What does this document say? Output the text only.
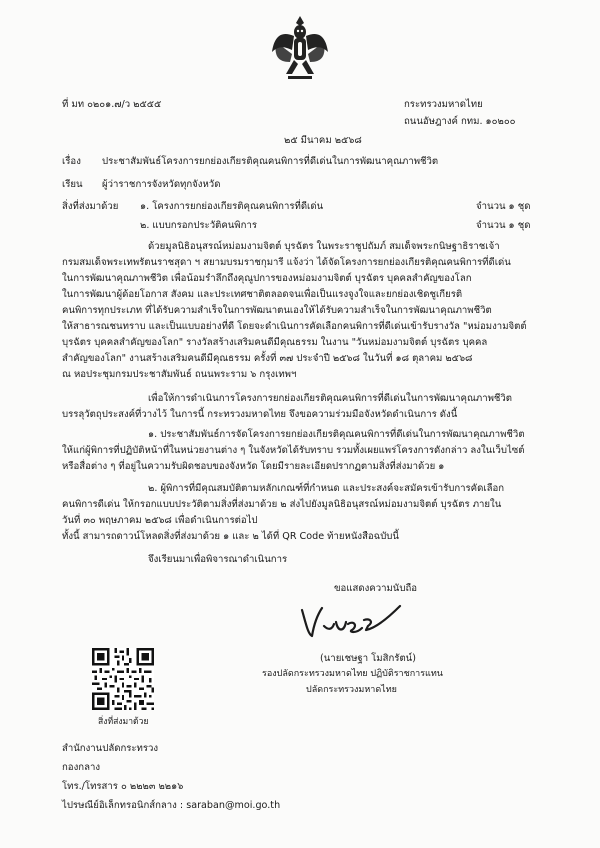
ที่ มท ๐๒๐๑.๗/ว ๒๕๕๕	กระทรวงมหาดไทย
ถนนอัษฎางค์ กทม. ๑๐๒๐๐
๒๕ มีนาคม ๒๕๖๘
เรื่อง ประชาสัมพันธ์โครงการยกย่องเกียรติคุณคนพิการที่ดีเด่นในการพัฒนาคุณภาพชีวิต
เรียน ผู้ว่าราชการจังหวัดทุกจังหวัด
สิ่งที่ส่งมาด้วย ๑. โครงการยกย่องเกียรติคุณคนพิการที่ดีเด่น	จำนวน ๑ ชุด
๒. แบบกรอกประวัติคนพิการ	จำนวน ๑ ชุด
ด้วยมูลนิธิอนุสรณ์หม่อมงามจิตต์ บุรฉัตร ในพระราชูปถัมภ์ สมเด็จพระกนิษฐาธิราชเจ้า
กรมสมเด็จพระเทพรัตนราชสุดา ฯ สยามบรมราชกุมารี แจ้งว่า ได้จัดโครงการยกย่องเกียรติคุณคนพิการที่ดีเด่น
ในการพัฒนาคุณภาพชีวิต เพื่อน้อมรำลึกถึงคุณูปการของหม่อมงามจิตต์ บุรฉัตร บุคคลสำคัญของโลก
ในการพัฒนาผู้ด้อยโอกาส สังคม และประเทศชาติตลอดจนเพื่อเป็นแรงจูงใจและยกย่องเชิดชูเกียรติ
คนพิการทุกประเภท ที่ได้รับความสำเร็จในการพัฒนาตนเองให้ได้รับความสำเร็จในการพัฒนาคุณภาพชีวิต
ให้สาธารณชนทราบ และเป็นแบบอย่างที่ดี โดยจะดำเนินการคัดเลือกคนพิการที่ดีเด่นเข้ารับรางวัล "หม่อมงามจิตต์
บุรฉัตร บุคคลสำคัญของโลก" รางวัลสร้างเสริมคนดีมีคุณธรรม ในงาน "วันหม่อมงามจิตต์ บุรฉัตร บุคคล
สำคัญของโลก" งานสร้างเสริมคนดีมีคุณธรรม ครั้งที่ ๓๗ ประจำปี ๒๕๖๘ ในวันที่ ๑๘ ตุลาคม ๒๕๖๘
ณ หอประชุมกรมประชาสัมพันธ์ ถนนพระราม ๖ กรุงเทพฯ
เพื่อให้การดำเนินการโครงการยกย่องเกียรติคุณคนพิการที่ดีเด่นในการพัฒนาคุณภาพชีวิต
บรรลุวัตถุประสงค์ที่วางไว้ ในการนี้ กระทรวงมหาดไทย จึงขอความร่วมมือจังหวัดดำเนินการ ดังนี้
๑. ประชาสัมพันธ์การจัดโครงการยกย่องเกียรติคุณคนพิการที่ดีเด่นในการพัฒนาคุณภาพชีวิต
ให้แก่ผู้พิการที่ปฏิบัติหน้าที่ในหน่วยงานต่าง ๆ ในจังหวัดได้รับทราบ รวมทั้งเผยแพร่โครงการดังกล่าว ลงในเว็บไซต์
หรือสื่อต่าง ๆ ที่อยู่ในความรับผิดชอบของจังหวัด โดยมีรายละเอียดปรากฏตามสิ่งที่ส่งมาด้วย ๑
๒. ผู้พิการที่มีคุณสมบัติตามหลักเกณฑ์ที่กำหนด และประสงค์จะสมัครเข้ารับการคัดเลือก
คนพิการดีเด่น ให้กรอกแบบประวัติตามสิ่งที่ส่งมาด้วย ๒ ส่งไปยังมูลนิธิอนุสรณ์หม่อมงามจิตต์ บุรฉัตร ภายใน
วันที่ ๓๐ พฤษภาคม ๒๕๖๘ เพื่อดำเนินการต่อไป
ทั้งนี้ สามารถดาวน์โหลดสิ่งที่ส่งมาด้วย ๑ และ ๒ ได้ที่ QR Code ท้ายหนังสือฉบับนี้
จึงเรียนมาเพื่อพิจารณาดำเนินการ
ขอแสดงความนับถือ
(นายเชษฐา โมสิกรัตน์)
รองปลัดกระทรวงมหาดไทย ปฏิบัติราชการแทน
ปลัดกระทรวงมหาดไทย
สิ่งที่ส่งมาด้วย
สำนักงานปลัดกระทรวง
กองกลาง
โทร./โทรสาร ๐ ๒๒๒๓ ๒๒๑๖
ไปรษณีย์อิเล็กทรอนิกส์กลาง : saraban@moi.go.th
